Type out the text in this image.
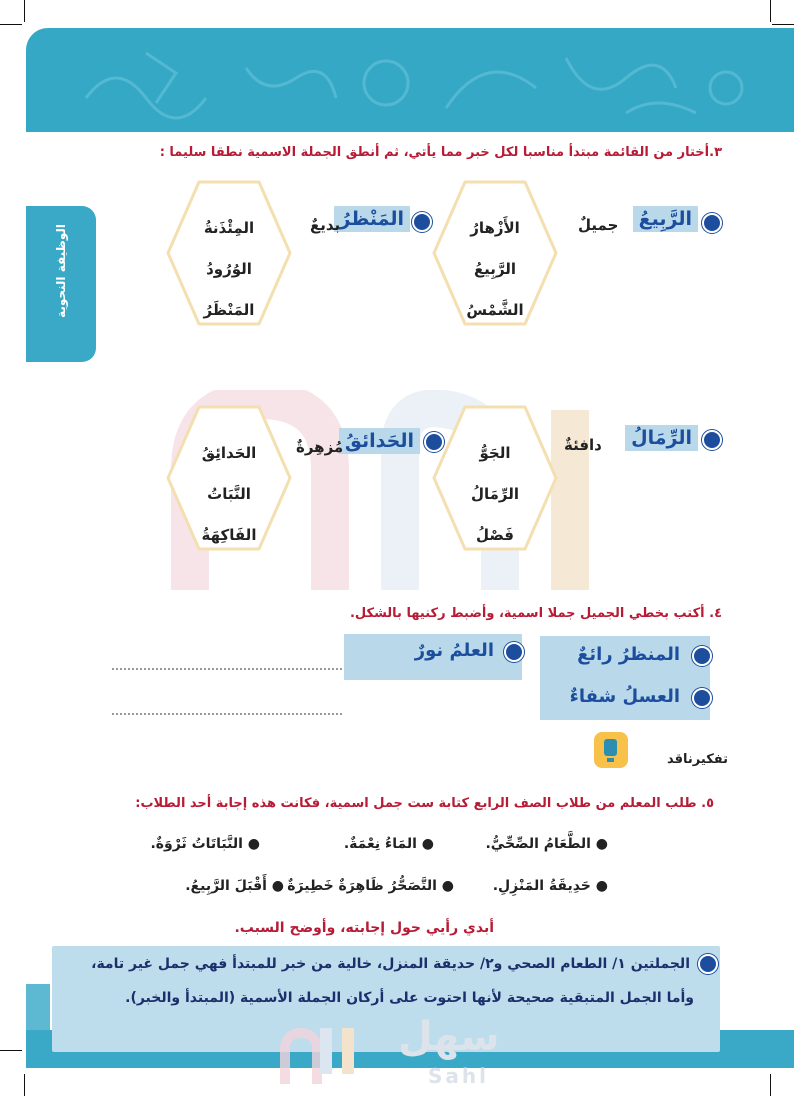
الوظيفة النحوية
٣.أختار من القائمة مبتدأ مناسبا لكل خبر مما يأتي، ثم أنطق الجملة الاسمية نطقا سليما :
الأَزْهارُ
الرَّبِيعُ
الشَّمْسُ
المِئْذَنةُ
الوُرُودُ
المَنْظَرُ
الرَّبِيعُ
جميلٌ
المَنْظرُ
بديعٌ
الجَوُّ
الرِّمَالُ
فَصْلُ
الحَدائِقُ
النَّبَاتُ
الفَاكِهَةُ
الرِّمَالُ
دافئةٌ
الحَدائقُ
مُزهِرةٌ
٤. أكتب بخطي الجميل جملا اسمية، وأضبط ركنيها بالشكل.
المنظرُ رائعٌ
العلمُ نورٌ
العسلُ شفاءٌ
تفكيرناقد
٥. طلب المعلم من طلاب الصف الرابع كتابة ست جمل اسمية، فكانت هذه إجابة أحد الطلاب:
● الطَّعَامُ الصِّحِّيُّ.
● المَاءُ نِعْمَةٌ.
● النَّبَاتَاتُ ثَرْوَةٌ.
● حَدِيقَةُ المَنْزِلِ.
● التَّصَحُّرُ ظَاهِرَةٌ خَطِيرَةٌ
● أَقْبَلَ الرَّبِيعُ.
أبدي رأيي حول إجابته، وأوضح السبب.

الجملتين ١/ الطعام الصحي و٢/ حديقة المنزل، خالية من خبر للمبتدأ فهي جمل غير تامة،

وأما الجمل المتبقية صحيحة لأنها احتوت على أركان الجملة الأسمية (المبتدأ والخبر).

سهل
Sahl
